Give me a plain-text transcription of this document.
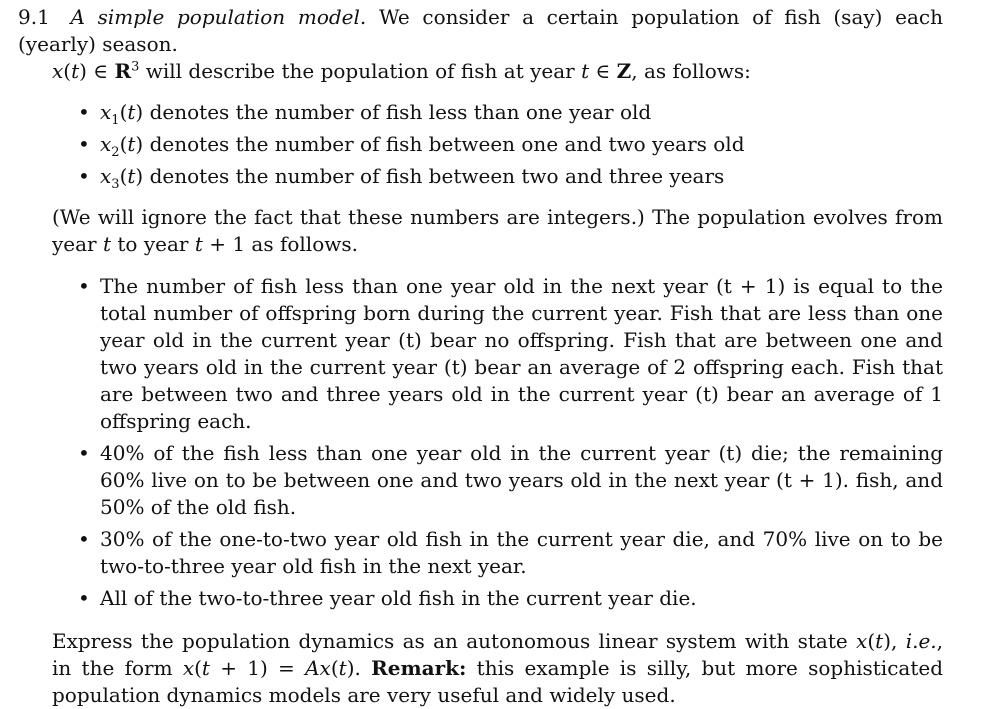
9.1 A simple population model. We consider a certain population of fish (say) each (yearly) season.
x(t) ∈ $R^3$ will describe the population of fish at year t ∈ Z, as follows:
• $x_1(t)$ denotes the number of fish less than one year old
• $x_2(t)$ denotes the number of fish between one and two years old
• $x_3(t)$ denotes the number of fish between two and three years
(We will ignore the fact that these numbers are integers.) The population evolves from year t to year t + 1 as follows.
• The number of fish less than one year old in the next year (t + 1) is equal to the total number of offspring born during the current year. Fish that are less than one year old in the current year (t) bear no offspring. Fish that are between one and two years old in the current year (t) bear an average of 2 offspring each. Fish that are between two and three years old in the current year (t) bear an average of 1 offspring each.
• 40% of the fish less than one year old in the current year (t) die; the remaining 60% live on to be between one and two years old in the next year (t + 1). fish, and 50% of the old fish.
• 30% of the one-to-two year old fish in the current year die, and 70% live on to be two-to-three year old fish in the next year.
• All of the two-to-three year old fish in the current year die.
Express the population dynamics as an autonomous linear system with state x(t), i.e., in the form x(t + 1) = Ax(t). Remark: this example is silly, but more sophisticated population dynamics models are very useful and widely used.
